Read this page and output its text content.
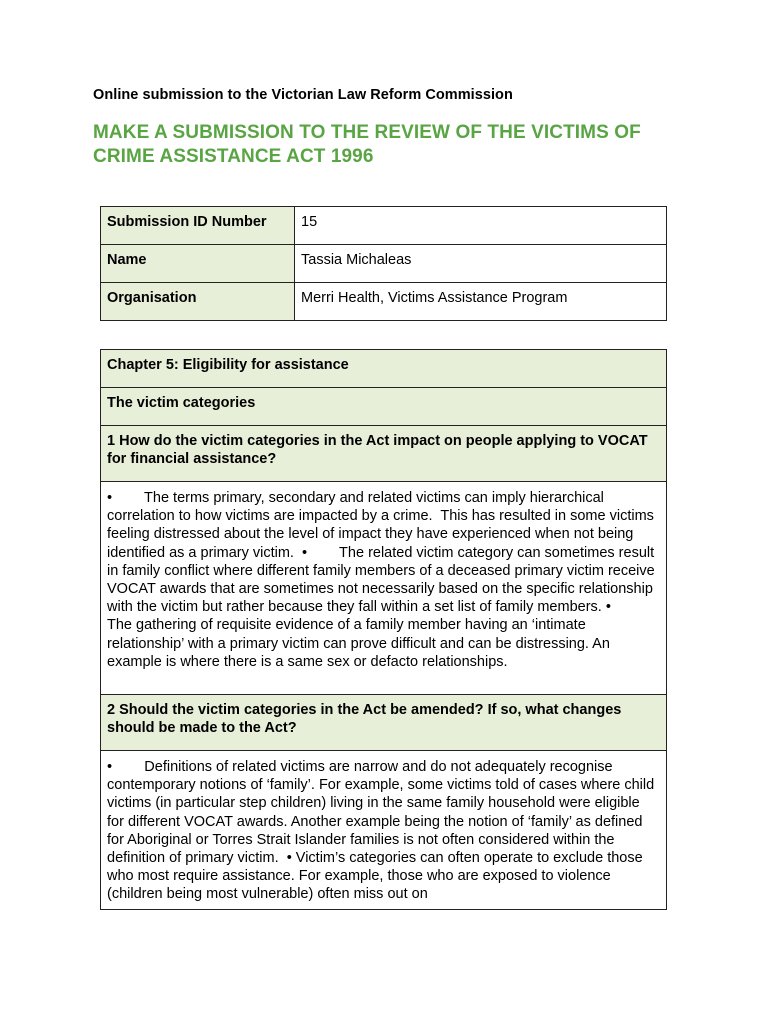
Online submission to the Victorian Law Reform Commission
MAKE A SUBMISSION TO THE REVIEW OF THE VICTIMS OF CRIME ASSISTANCE ACT 1996
Submission ID Number	15
Name	Tassia Michaleas
Organisation	Merri Health, Victims Assistance Program
Chapter 5: Eligibility for assistance
The victim categories
1 How do the victim categories in the Act impact on people applying to VOCAT for financial assistance?
•        The terms primary, secondary and related victims can imply hierarchical correlation to how victims are impacted by a crime.  This has resulted in some victims feeling distressed about the level of impact they have experienced when not being identified as a primary victim.  •        The related victim category can sometimes result in family conflict where different family members of a deceased primary victim receive VOCAT awards that are sometimes not necessarily based on the specific relationship with the victim but rather because they fall within a set list of family members. •        The gathering of requisite evidence of a family member having an ‘intimate relationship’ with a primary victim can prove difficult and can be distressing. An example is where there is a same sex or defacto relationships.
2 Should the victim categories in the Act be amended? If so, what changes should be made to the Act?
•        Definitions of related victims are narrow and do not adequately recognise contemporary notions of ‘family’. For example, some victims told of cases where child victims (in particular step children) living in the same family household were eligible for different VOCAT awards. Another example being the notion of ‘family’ as defined for Aboriginal or Torres Strait Islander families is not often considered within the definition of primary victim.  • Victim’s categories can often operate to exclude those who most require assistance. For example, those who are exposed to violence (children being most vulnerable) often miss out on
